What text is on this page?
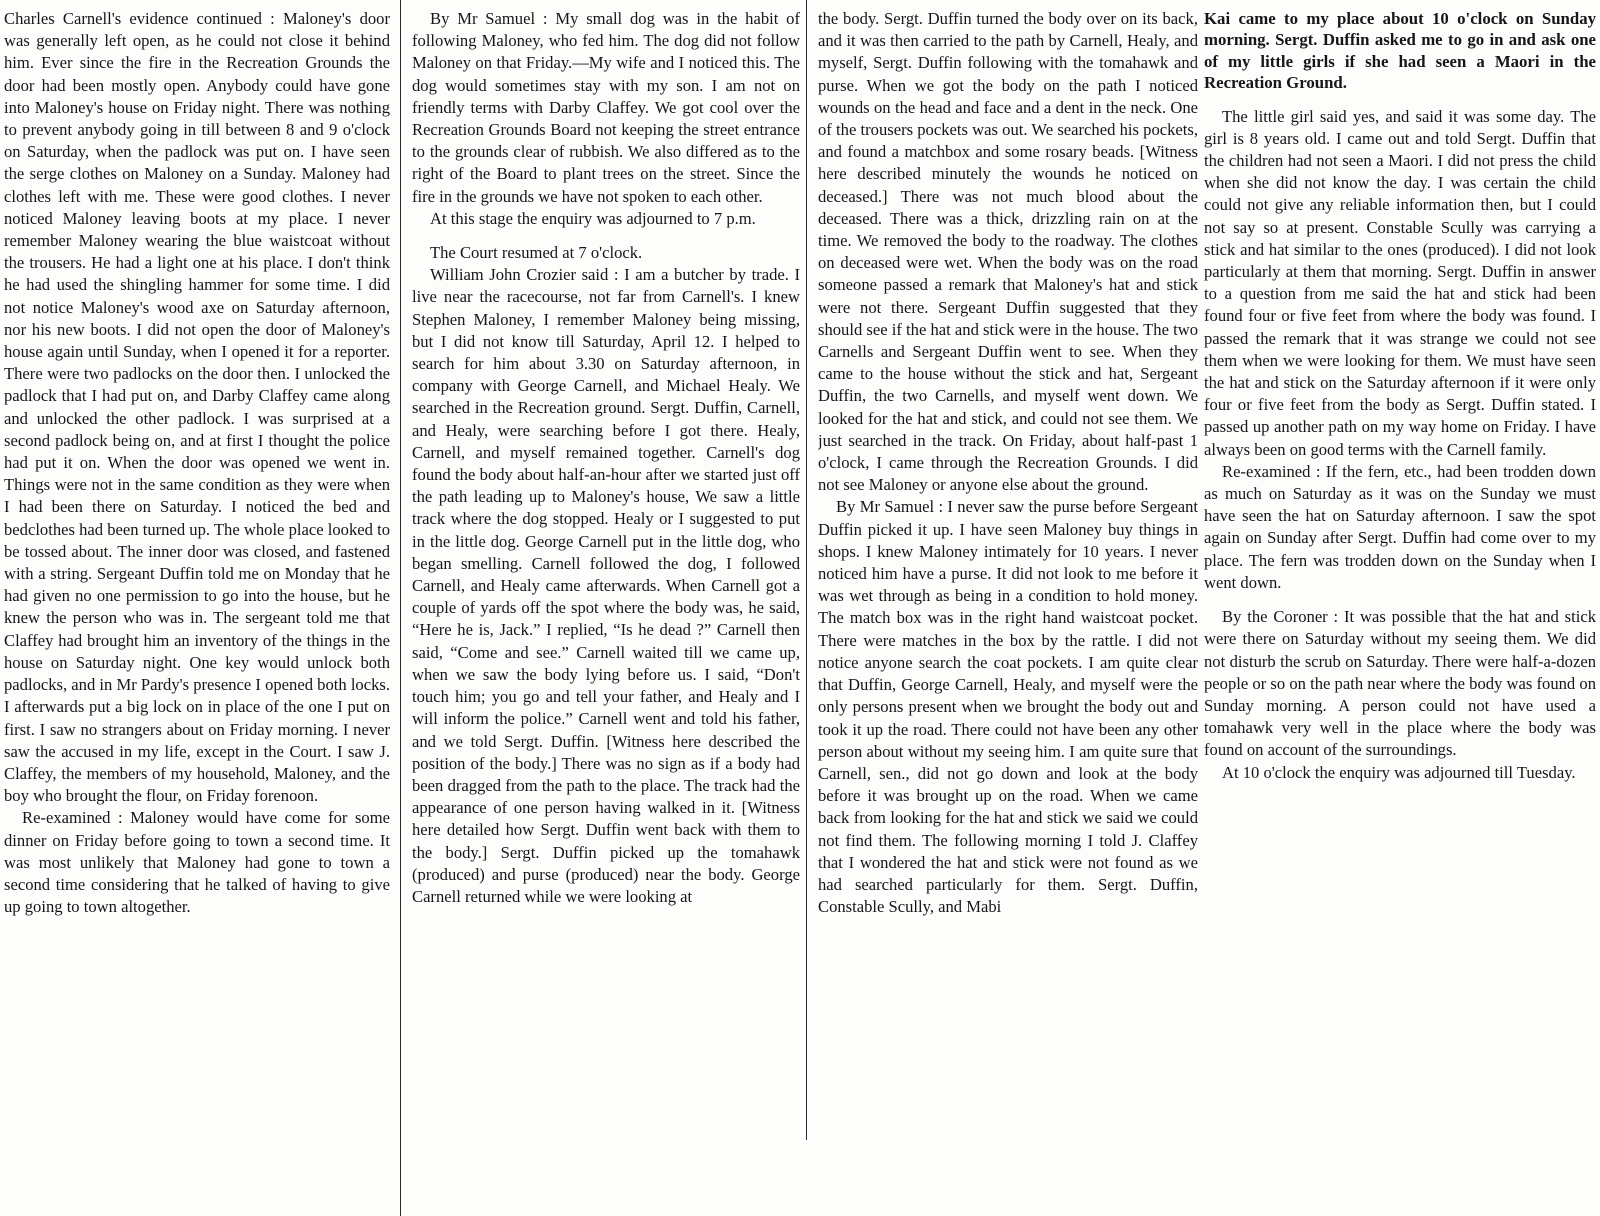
Charles Carnell's evidence continued : Maloney's door was generally left open, as he could not close it behind him. Ever since the fire in the Recreation Grounds the door had been mostly open. Anybody could have gone into Maloney's house on Friday night. There was nothing to prevent anybody going in till between 8 and 9 o'clock on Saturday, when the padlock was put on. I have seen the serge clothes on Maloney on a Sunday. Maloney had clothes left with me. These were good clothes. I never noticed Maloney leaving boots at my place. I never remember Maloney wearing the blue waistcoat without the trousers. He had a light one at his place. I don't think he had used the shingling hammer for some time. I did not notice Maloney's wood axe on Saturday afternoon, nor his new boots. I did not open the door of Maloney's house again until Sunday, when I opened it for a reporter. There were two padlocks on the door then. I unlocked the padlock that I had put on, and Darby Claffey came along and unlocked the other padlock. I was surprised at a second padlock being on, and at first I thought the police had put it on. When the door was opened we went in. Things were not in the same condition as they were when I had been there on Saturday. I noticed the bed and bedclothes had been turned up. The whole place looked to be tossed about. The inner door was closed, and fastened with a string. Sergeant Duffin told me on Monday that he had given no one permission to go into the house, but he knew the person who was in. The sergeant told me that Claffey had brought him an inventory of the things in the house on Saturday night. One key would unlock both padlocks, and in Mr Pardy's presence I opened both locks. I afterwards put a big lock on in place of the one I put on first. I saw no strangers about on Friday morning. I never saw the accused in my life, except in the Court. I saw J. Claffey, the members of my household, Maloney, and the boy who brought the flour, on Friday forenoon.

Re-examined : Maloney would have come for some dinner on Friday before going to town a second time. It was most unlikely that Maloney had gone to town a second time considering that he talked of having to give up going to town altogether.

By Mr Samuel : My small dog was in the habit of following Maloney, who fed him. The dog did not follow Maloney on that Friday.—My wife and I noticed this. The dog would sometimes stay with my son. I am not on friendly terms with Darby Claffey. We got cool over the Recreation Grounds Board not keeping the street entrance to the grounds clear of rubbish. We also differed as to the right of the Board to plant trees on the street. Since the fire in the grounds we have not spoken to each other.

At this stage the enquiry was adjourned to 7 p.m.

The Court resumed at 7 o'clock.

William John Crozier said : I am a butcher by trade. I live near the racecourse, not far from Carnell's. I knew Stephen Maloney, I remember Maloney being missing, but I did not know till Saturday, April 12. I helped to search for him about 3.30 on Saturday afternoon, in company with George Carnell, and Michael Healy. We searched in the Recreation ground. Sergt. Duffin, Carnell, and Healy, were searching before I got there. Healy, Carnell, and myself remained together. Carnell's dog found the body about half-an-hour after we started just off the path leading up to Maloney's house, We saw a little track where the dog stopped. Healy or I suggested to put in the little dog. George Carnell put in the little dog, who began smelling. Carnell followed the dog, I followed Carnell, and Healy came afterwards. When Carnell got a couple of yards off the spot where the body was, he said, “Here he is, Jack.” I replied, “Is he dead ?” Carnell then said, “Come and see.” Carnell waited till we came up, when we saw the body lying before us. I said, “Don't touch him; you go and tell your father, and Healy and I will inform the police.” Carnell went and told his father, and we told Sergt. Duffin. [Witness here described the position of the body.] There was no sign as if a body had been dragged from the path to the place. The track had the appearance of one person having walked in it. [Witness here detailed how Sergt. Duffin went back with them to the body.] Sergt. Duffin picked up the tomahawk (produced) and purse (produced) near the body. George Carnell returned while we were looking at

the body. Sergt. Duffin turned the body over on its back, and it was then carried to the path by Carnell, Healy, and myself, Sergt. Duffin following with the tomahawk and purse. When we got the body on the path I noticed wounds on the head and face and a dent in the neck. One of the trousers pockets was out. We searched his pockets, and found a matchbox and some rosary beads. [Witness here described minutely the wounds he noticed on deceased.] There was not much blood about the deceased. There was a thick, drizzling rain on at the time. We removed the body to the roadway. The clothes on deceased were wet. When the body was on the road someone passed a remark that Maloney's hat and stick were not there. Sergeant Duffin suggested that they should see if the hat and stick were in the house. The two Carnells and Sergeant Duffin went to see. When they came to the house without the stick and hat, Sergeant Duffin, the two Carnells, and myself went down. We looked for the hat and stick, and could not see them. We just searched in the track. On Friday, about half-past 1 o'clock, I came through the Recreation Grounds. I did not see Maloney or anyone else about the ground.

By Mr Samuel : I never saw the purse before Sergeant Duffin picked it up. I have seen Maloney buy things in shops. I knew Maloney intimately for 10 years. I never noticed him have a purse. It did not look to me before it was wet through as being in a condition to hold money. The match box was in the right hand waistcoat pocket. There were matches in the box by the rattle. I did not notice anyone search the coat pockets. I am quite clear that Duffin, George Carnell, Healy, and myself were the only persons present when we brought the body out and took it up the road. There could not have been any other person about without my seeing him. I am quite sure that Carnell, sen., did not go down and look at the body before it was brought up on the road. When we came back from looking for the hat and stick we said we could not find them. The following morning I told J. Claffey that I wondered the hat and stick were not found as we had searched particularly for them. Sergt. Duffin, Constable Scully, and Mabi

Kai came to my place about 10 o'clock on Sunday morning. Sergt. Duffin asked me to go in and ask one of my little girls if she had seen a Maori in the Recreation Ground.

The little girl said yes, and said it was some day. The girl is 8 years old. I came out and told Sergt. Duffin that the children had not seen a Maori. I did not press the child when she did not know the day. I was certain the child could not give any reliable information then, but I could not say so at present. Constable Scully was carrying a stick and hat similar to the ones (produced). I did not look particularly at them that morning. Sergt. Duffin in answer to a question from me said the hat and stick had been found four or five feet from where the body was found. I passed the remark that it was strange we could not see them when we were looking for them. We must have seen the hat and stick on the Saturday afternoon if it were only four or five feet from the body as Sergt. Duffin stated. I passed up another path on my way home on Friday. I have always been on good terms with the Carnell family.

Re-examined : If the fern, etc., had been trodden down as much on Saturday as it was on the Sunday we must have seen the hat on Saturday afternoon. I saw the spot again on Sunday after Sergt. Duffin had come over to my place. The fern was trodden down on the Sunday when I went down.

By the Coroner : It was possible that the hat and stick were there on Saturday without my seeing them. We did not disturb the scrub on Saturday. There were half-a-dozen people or so on the path near where the body was found on Sunday morning. A person could not have used a tomahawk very well in the place where the body was found on account of the surroundings.

At 10 o'clock the enquiry was adjourned till Tuesday.
